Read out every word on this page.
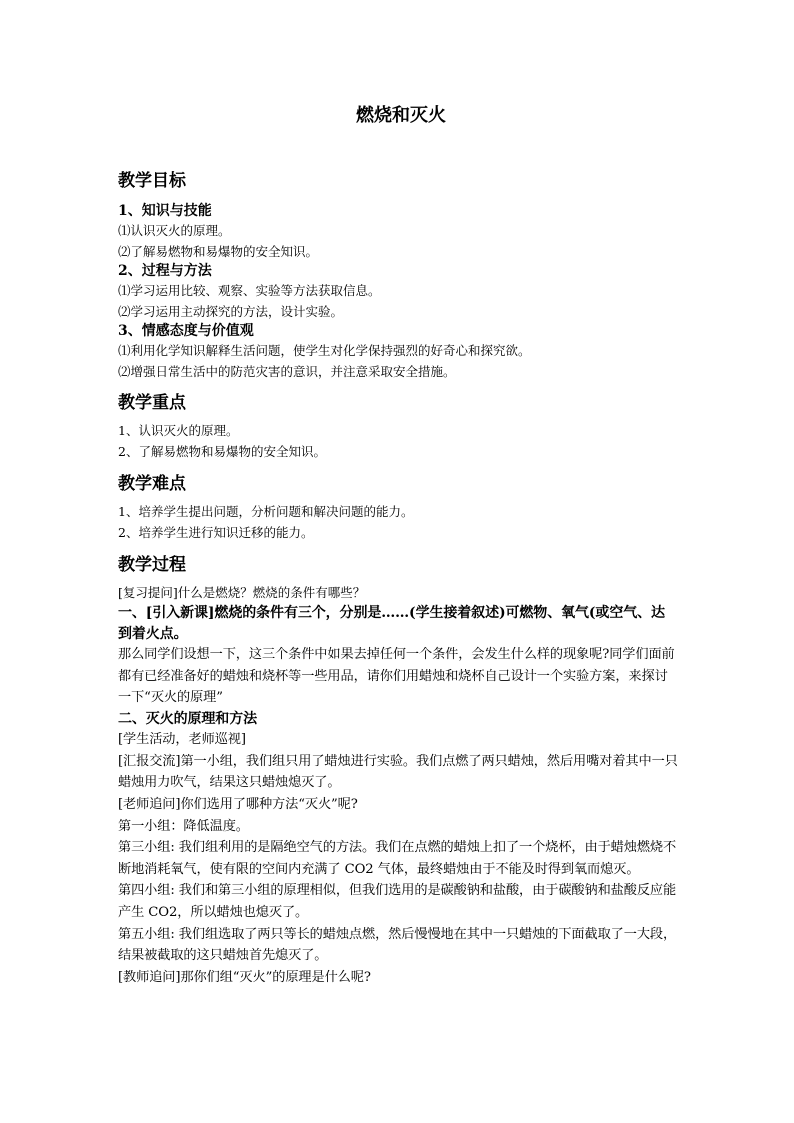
燃烧和灭火
教学目标
1、知识与技能
⑴认识灭火的原理。
⑵了解易燃物和易爆物的安全知识。
2、过程与方法
⑴学习运用比较、观察、实验等方法获取信息。
⑵学习运用主动探究的方法，设计实验。
3、情感态度与价值观
⑴利用化学知识解释生活问题，使学生对化学保持强烈的好奇心和探究欲。
⑵增强日常生活中的防范灾害的意识，并注意采取安全措施。
教学重点
1、认识灭火的原理。
2、了解易燃物和易爆物的安全知识。
教学难点
1、培养学生提出问题，分析问题和解决问题的能力。
2、培养学生进行知识迁移的能力。
教学过程
[复习提问]什么是燃烧？燃烧的条件有哪些？
一、[引入新课]燃烧的条件有三个，分别是……(学生接着叙述)可燃物、氧气(或空气、达到着火点。
那么同学们设想一下，这三个条件中如果去掉任何一个条件，会发生什么样的现象呢?同学们面前都有已经准备好的蜡烛和烧杯等一些用品，请你们用蜡烛和烧杯自己设计一个实验方案，来探讨一下“灭火的原理”
二、灭火的原理和方法
[学生活动，老师巡视]
[汇报交流]第一小组，我们组只用了蜡烛进行实验。我们点燃了两只蜡烛，然后用嘴对着其中一只蜡烛用力吹气，结果这只蜡烛熄灭了。
[老师追问]你们选用了哪种方法“灭火”呢?
第一小组：降低温度。
第三小组: 我们组利用的是隔绝空气的方法。我们在点燃的蜡烛上扣了一个烧杯，由于蜡烛燃烧不断地消耗氧气，使有限的空间内充满了 CO2 气体，最终蜡烛由于不能及时得到氧而熄灭。
第四小组: 我们和第三小组的原理相似，但我们选用的是碳酸钠和盐酸，由于碳酸钠和盐酸反应能产生 CO2，所以蜡烛也熄灭了。
第五小组: 我们组选取了两只等长的蜡烛点燃，然后慢慢地在其中一只蜡烛的下面截取了一大段，结果被截取的这只蜡烛首先熄灭了。
[教师追问]那你们组“灭火”的原理是什么呢?
